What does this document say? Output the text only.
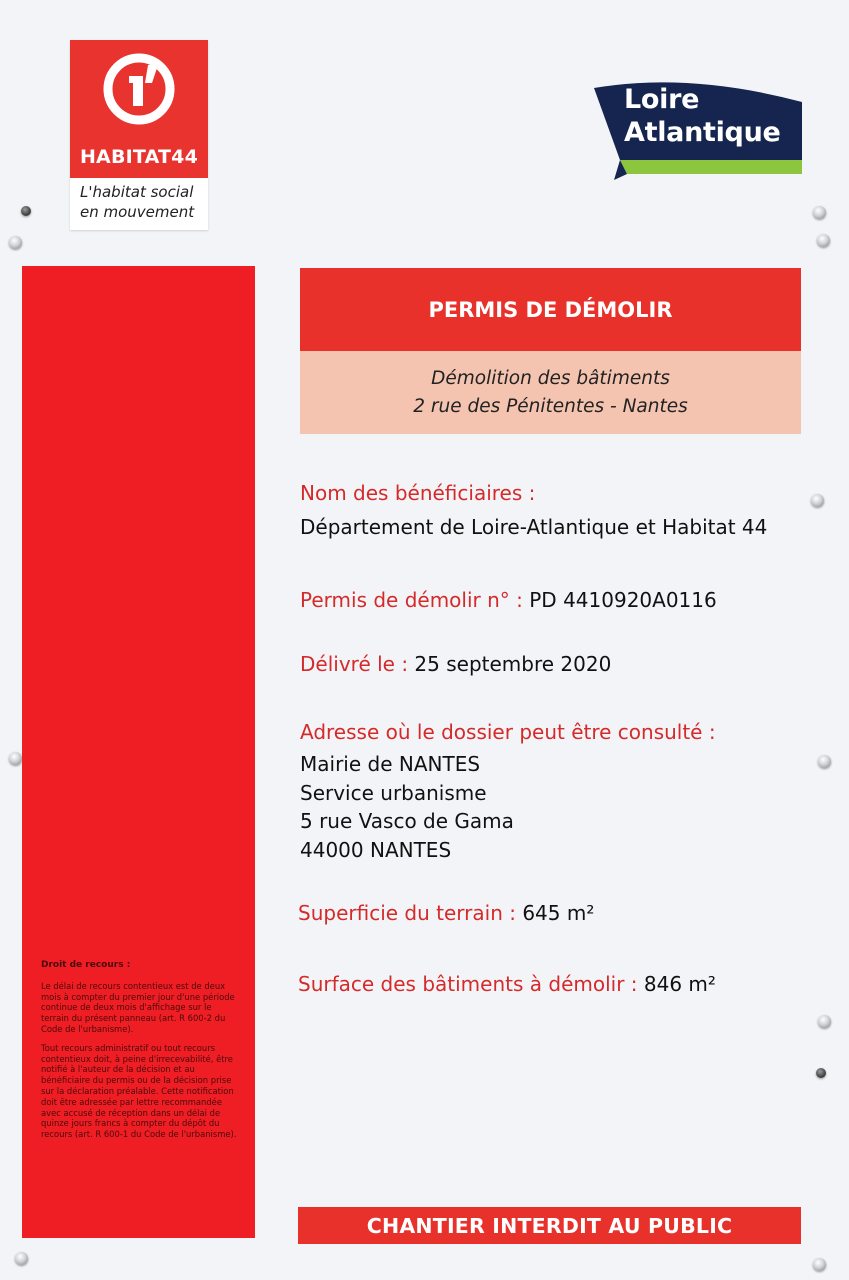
HABITAT44
L'habitat social
en mouvement
Loire
Atlantique
Droit de recours :

Le délai de recours contentieux est de deux mois à compter du premier jour d'une période continue de deux mois d'affichage sur le terrain du présent panneau (art. R 600-2 du Code de l'urbanisme).

Tout recours administratif ou tout recours contentieux doit, à peine d'irrecevabilité, être notifié à l'auteur de la décision et au bénéficiaire du permis ou de la décision prise sur la déclaration préalable. Cette notification doit être adressée par lettre recommandée avec accusé de réception dans un délai de quinze jours francs à compter du dépôt du recours (art. R 600-1 du Code de l'urbanisme).

PERMIS DE DÉMOLIR
Démolition des bâtiments
2 rue des Pénitentes - Nantes
Nom des bénéficiaires :
Département de Loire-Atlantique et Habitat 44
Permis de démolir n° : PD 4410920A0116
Délivré le : 25 septembre 2020
Adresse où le dossier peut être consulté :
Mairie de NANTES
Service urbanisme
5 rue Vasco de Gama
44000 NANTES
Superficie du terrain : 645 m²
Surface des bâtiments à démolir : 846 m²
CHANTIER INTERDIT AU PUBLIC
